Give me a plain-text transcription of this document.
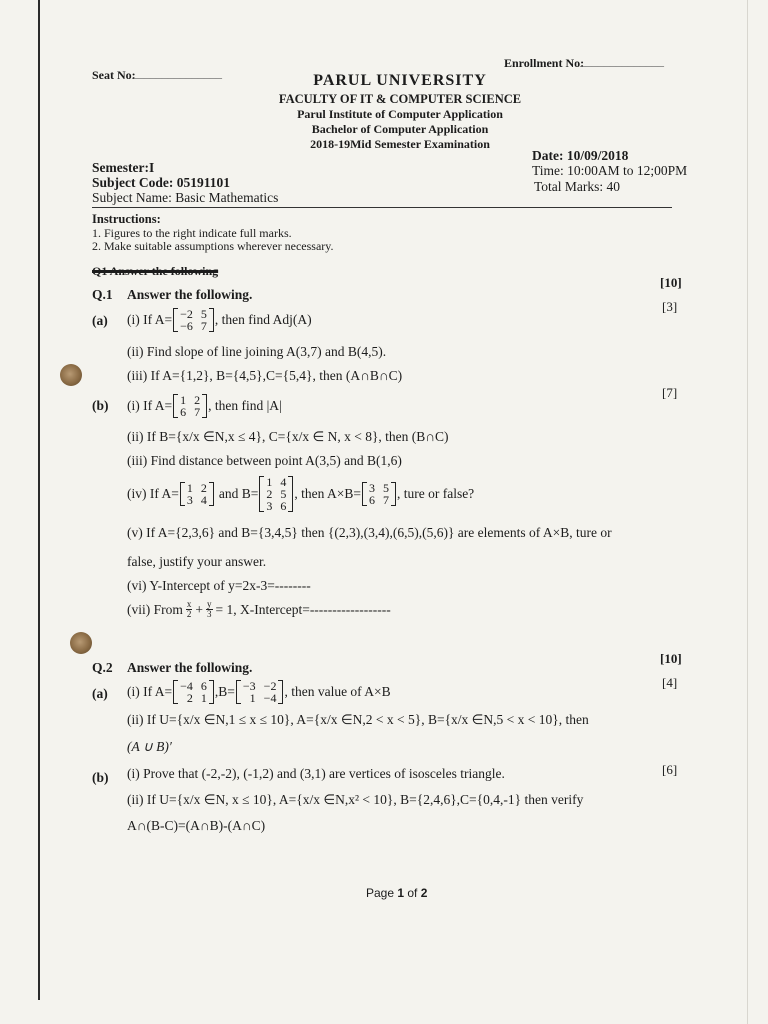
Seat No:
_______________
Enrollment No:
______________
PARUL UNIVERSITY
FACULTY OF IT & COMPUTER SCIENCE
Parul Institute of Computer Application
Bachelor of Computer Application
2018-19Mid Semester Examination
Semester:I
Subject Code: 05191101
Subject Name: Basic Mathematics
Date: 10/09/2018
Time: 10:00AM to 12;00PM
Total Marks: 40
Instructions:
1. Figures to the right indicate full marks.
2. Make suitable assumptions wherever necessary.
Q1 Answer the following
Q.1 Answer the following.
[10]
(a)
[3]
(i) If A= −2 5
−6 7 , then find Adj(A)
(ii) Find slope of line joining A(3,7) and B(4,5).
(iii) If A={1,2}, B={4,5},C={5,4}, then (A∩B∩C)
(b)
[7]
(i) If A= 1 2
6 7 , then find |A|
(ii) If B={x/x ∈N,x ≤ 4}, C={x/x ∈ N, x < 8}, then (B∩C)
(iii) Find distance between point A(3,5) and B(1,6)
(iv) If A= 1 2
3 4 and B=
1 4
2 5
3 6
, then A×B= 3 5
6 7 , ture or false?
(v) If A={2,3,6} and B={3,4,5} then {(2,3),(3,4),(6,5),(5,6)} are elements of A×B, ture or
false, justify your answer.
(vi) Y-Intercept of y=2x-3=--------
(vii) From $\frac{x}{2} + \frac{y}{3} = 1$, X-Intercept=------------------
Q.2 Answer the following.
[10]
(a)
[4]
(i) If A= −4 6
2 1 ,B= −3 −2
1 −4 , then value of A×B
(ii) If U={x/x ∈N,1 ≤ x ≤ 10}, A={x/x ∈N,2 < x < 5}, B={x/x ∈N,5 < x < 10}, then
(A ∪ B)′
(b)
[6]
(i) Prove that (-2,-2), (-1,2) and (3,1) are vertices of isosceles triangle.
(ii) If U={x/x ∈N, x ≤ 10}, A={x/x ∈N,x² < 10}, B={2,4,6},C={0,4,-1} then verify
A∩(B-C)=(A∩B)-(A∩C)
Page 1 of 2
